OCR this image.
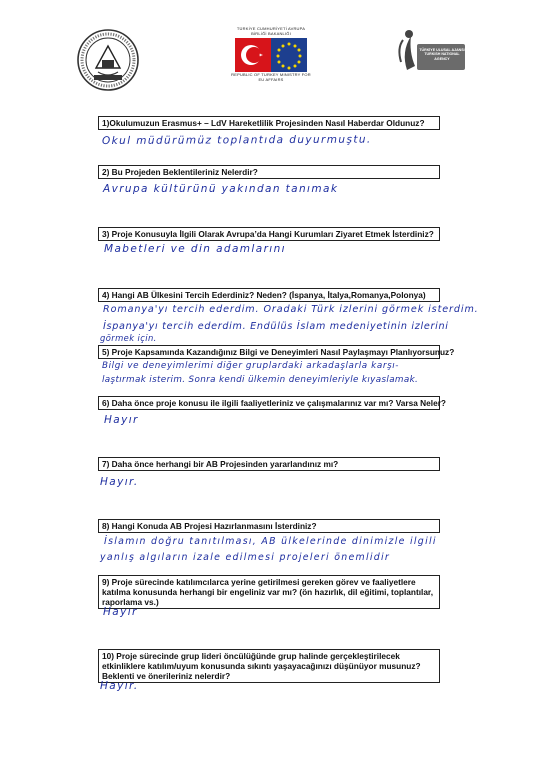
TÜRKİYE CUMHURİYETİ AVRUPA BİRLİĞİ BAKANLIĞI
REPUBLIC OF TURKEY MINISTRY FOR EU AFFAIRS
TÜRKİYE ULUSAL AJANSI TURKISH NATIONAL AGENCY
1)Okulumuzun Erasmus+ – LdV Hareketlilik Projesinden Nasıl Haberdar Oldunuz?
Okul müdürümüz toplantıda duyurmuştu.
2) Bu Projeden Beklentileriniz Nelerdir?
Avrupa kültürünü yakından tanımak
3) Proje Konusuyla İlgili Olarak Avrupa’da Hangi Kurumları Ziyaret Etmek İsterdiniz?
Mabetleri ve din adamlarını
4) Hangi AB Ülkesini Tercih Ederdiniz? Neden? (İspanya, İtalya,Romanya,Polonya)
Romanya'yı tercih ederdim. Oradaki Türk izlerini görmek isterdim.
İspanya'yı tercih ederdim. Endülüs İslam medeniyetinin izlerini
görmek için.
5) Proje Kapsamında Kazandığınız Bilgi ve Deneyimleri Nasıl Paylaşmayı Planlıyorsunuz?
Bilgi ve deneyimlerimi diğer gruplardaki arkadaşlarla karşı-
laştırmak isterim. Sonra kendi ülkemin deneyimleriyle kıyaslamak.
6) Daha önce proje konusu ile ilgili faaliyetleriniz ve çalışmalarınız var mı? Varsa Neler?
Hayır
7) Daha önce herhangi bir AB Projesinden yararlandınız mı?
Hayır.
8) Hangi Konuda AB Projesi Hazırlanmasını İsterdiniz?
İslamın doğru tanıtılması, AB ülkelerinde dinimizle ilgili
yanlış algıların izale edilmesi projeleri önemlidir
9) Proje sürecinde katılımcılarca yerine getirilmesi gereken görev ve faaliyetlere katılma konusunda herhangi bir engeliniz var mı? (ön hazırlık, dil eğitimi, toplantılar, raporlama vs.)
Hayır
10) Proje sürecinde grup lideri öncülüğünde grup halinde gerçekleştirilecek etkinliklere katılım/uyum konusunda sıkıntı yaşayacağınızı düşünüyor musunuz? Beklenti ve önerileriniz nelerdir?
Hayır.
